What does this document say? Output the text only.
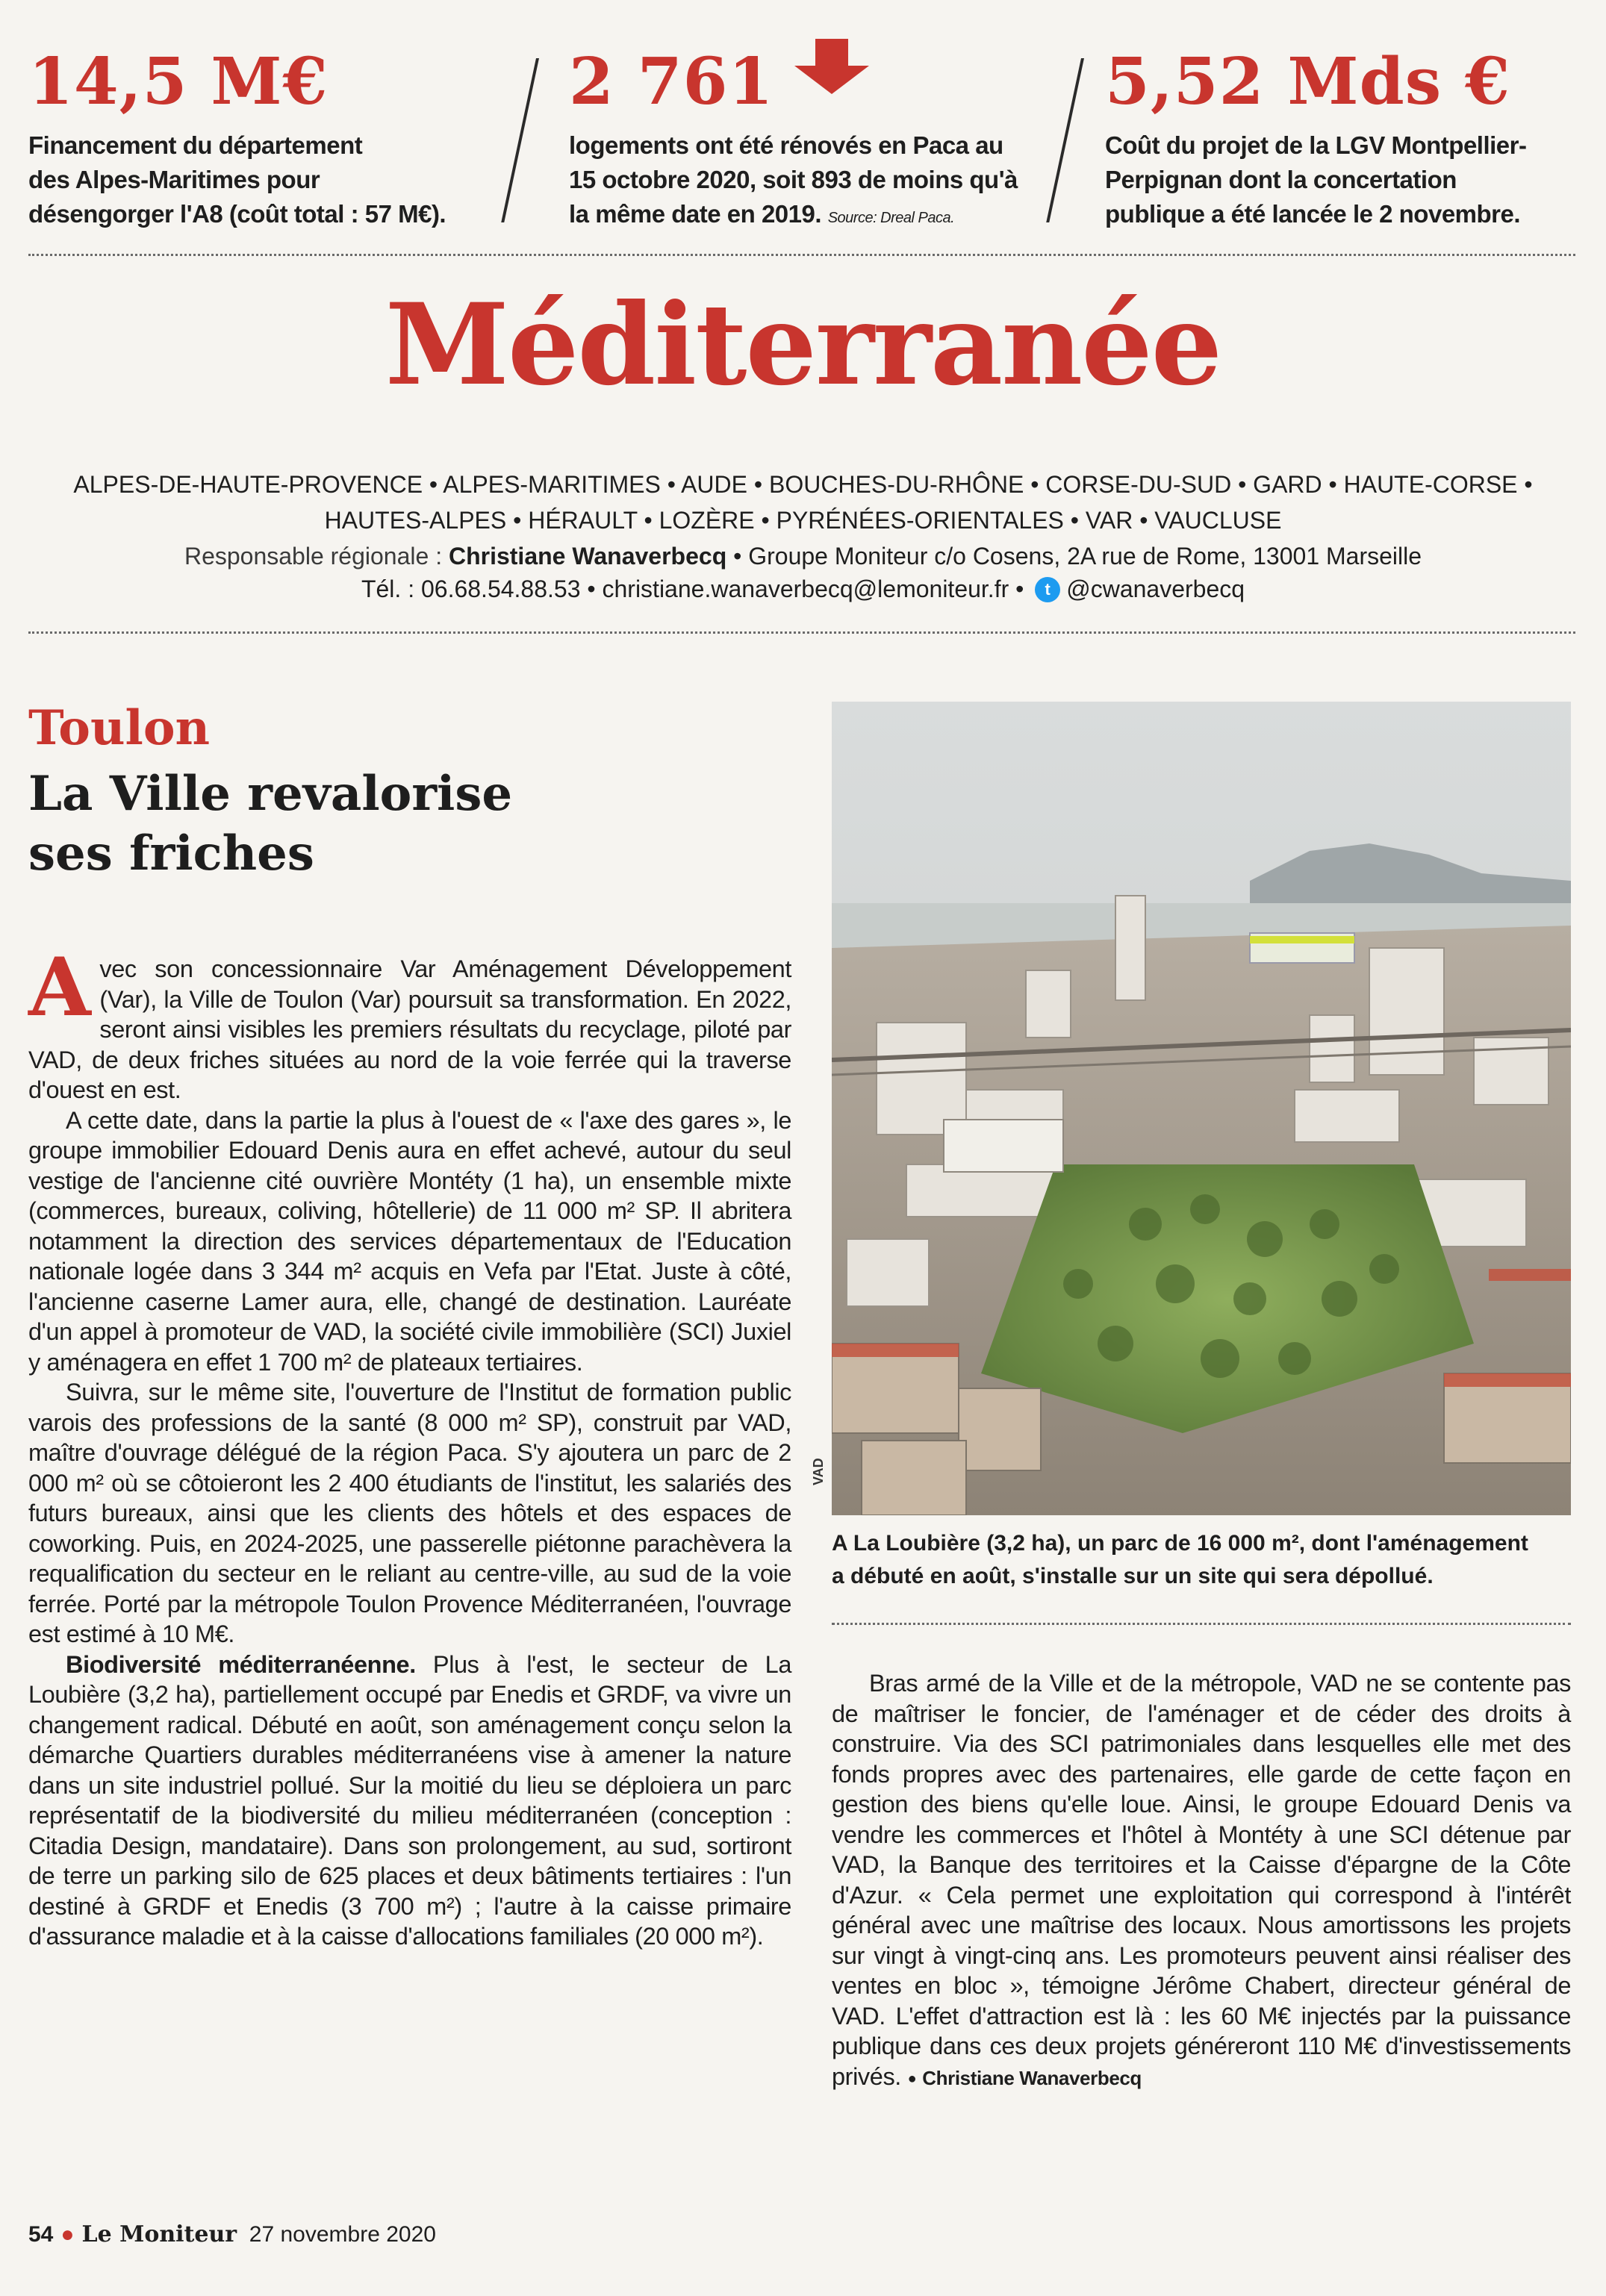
14,5 M€
Financement du département
des Alpes-Maritimes pour
désengorger l'A8 (coût total : 57 M€).
2 761
logements ont été rénovés en Paca au
15 octobre 2020, soit 893 de moins qu'à
la même date en 2019. Source: Dreal Paca.
5,52 Mds €
Coût du projet de la LGV Montpellier-
Perpignan dont la concertation
publique a été lancée le 2 novembre.
Méditerranée
ALPES-DE-HAUTE-PROVENCE • ALPES-MARITIMES • AUDE • BOUCHES-DU-RHÔNE • CORSE-DU-SUD • GARD • HAUTE-CORSE •
HAUTES-ALPES • HÉRAULT • LOZÈRE • PYRÉNÉES-ORIENTALES • VAR • VAUCLUSE
Responsable régionale : Christiane Wanaverbecq • Groupe Moniteur c/o Cosens, 2A rue de Rome, 13001 Marseille
Tél. : 06.68.54.88.53 • christiane.wanaverbecq@lemoniteur.fr • t @cwanaverbecq
Toulon
La Ville revalorise
ses friches

Avec son concessionnaire Var Aménagement Développement (Var), la Ville de Toulon (Var) poursuit sa transformation. En 2022, seront ainsi visibles les premiers résultats du recyclage, piloté par VAD, de deux friches situées au nord de la voie ferrée qui la traverse d'ouest en est.

A cette date, dans la partie la plus à l'ouest de « l'axe des gares », le groupe immobilier Edouard Denis aura en effet achevé, autour du seul vestige de l'ancienne cité ouvrière Montéty (1 ha), un ensemble mixte (commerces, bureaux, coliving, hôtellerie) de 11 000 m² SP. Il abritera notamment la direction des services départementaux de l'Education nationale logée dans 3 344 m² acquis en Vefa par l'Etat. Juste à côté, l'ancienne caserne Lamer aura, elle, changé de destination. Lauréate d'un appel à promoteur de VAD, la société civile immobilière (SCI) Juxiel y aménagera en effet 1 700 m² de plateaux tertiaires.

Suivra, sur le même site, l'ouverture de l'Institut de formation public varois des professions de la santé (8 000 m² SP), construit par VAD, maître d'ouvrage délégué de la région Paca. S'y ajoutera un parc de 2 000 m² où se côtoieront les 2 400 étudiants de l'institut, les salariés des futurs bureaux, ainsi que les clients des hôtels et des espaces de coworking. Puis, en 2024-2025, une passerelle piétonne parachèvera la requalification du secteur en le reliant au centre-ville, au sud de la voie ferrée. Porté par la métropole Toulon Provence Méditerranéen, l'ouvrage est estimé à 10 M€.

Biodiversité méditerranéenne. Plus à l'est, le secteur de La Loubière (3,2 ha), partiellement occupé par Enedis et GRDF, va vivre un changement radical. Débuté en août, son aménagement conçu selon la démarche Quartiers durables méditerranéens vise à amener la nature dans un site industriel pollué. Sur la moitié du lieu se déploiera un parc représentatif de la biodiversité du milieu méditerranéen (conception : Citadia Design, mandataire). Dans son prolongement, au sud, sortiront de terre un parking silo de 625 places et deux bâtiments tertiaires : l'un destiné à GRDF et Enedis (3 700 m²) ; l'autre à la caisse primaire d'assurance maladie et à la caisse d'allocations familiales (20 000 m²).

VAD
A La Loubière (3,2 ha), un parc de 16 000 m², dont l'aménagement
a débuté en août, s'installe sur un site qui sera dépollué.

Bras armé de la Ville et de la métropole, VAD ne se contente pas de maîtriser le foncier, de l'aménager et de céder des droits à construire. Via des SCI patrimoniales dans lesquelles elle met des fonds propres avec des partenaires, elle garde de cette façon en gestion des biens qu'elle loue. Ainsi, le groupe Edouard Denis va vendre les commerces et l'hôtel à Montéty à une SCI détenue par VAD, la Banque des territoires et la Caisse d'épargne de la Côte d'Azur. « Cela permet une exploitation qui correspond à l'intérêt général avec une maîtrise des locaux. Nous amortissons les projets sur vingt à vingt-cinq ans. Les promoteurs peuvent ainsi réaliser des ventes en bloc », témoigne Jérôme Chabert, directeur général de VAD. L'effet d'attraction est là : les 60 M€ injectés par la puissance publique dans ces deux projets généreront 110 M€ d'investissements privés. ● Christiane Wanaverbecq

54 ● Le Moniteur 27 novembre 2020
